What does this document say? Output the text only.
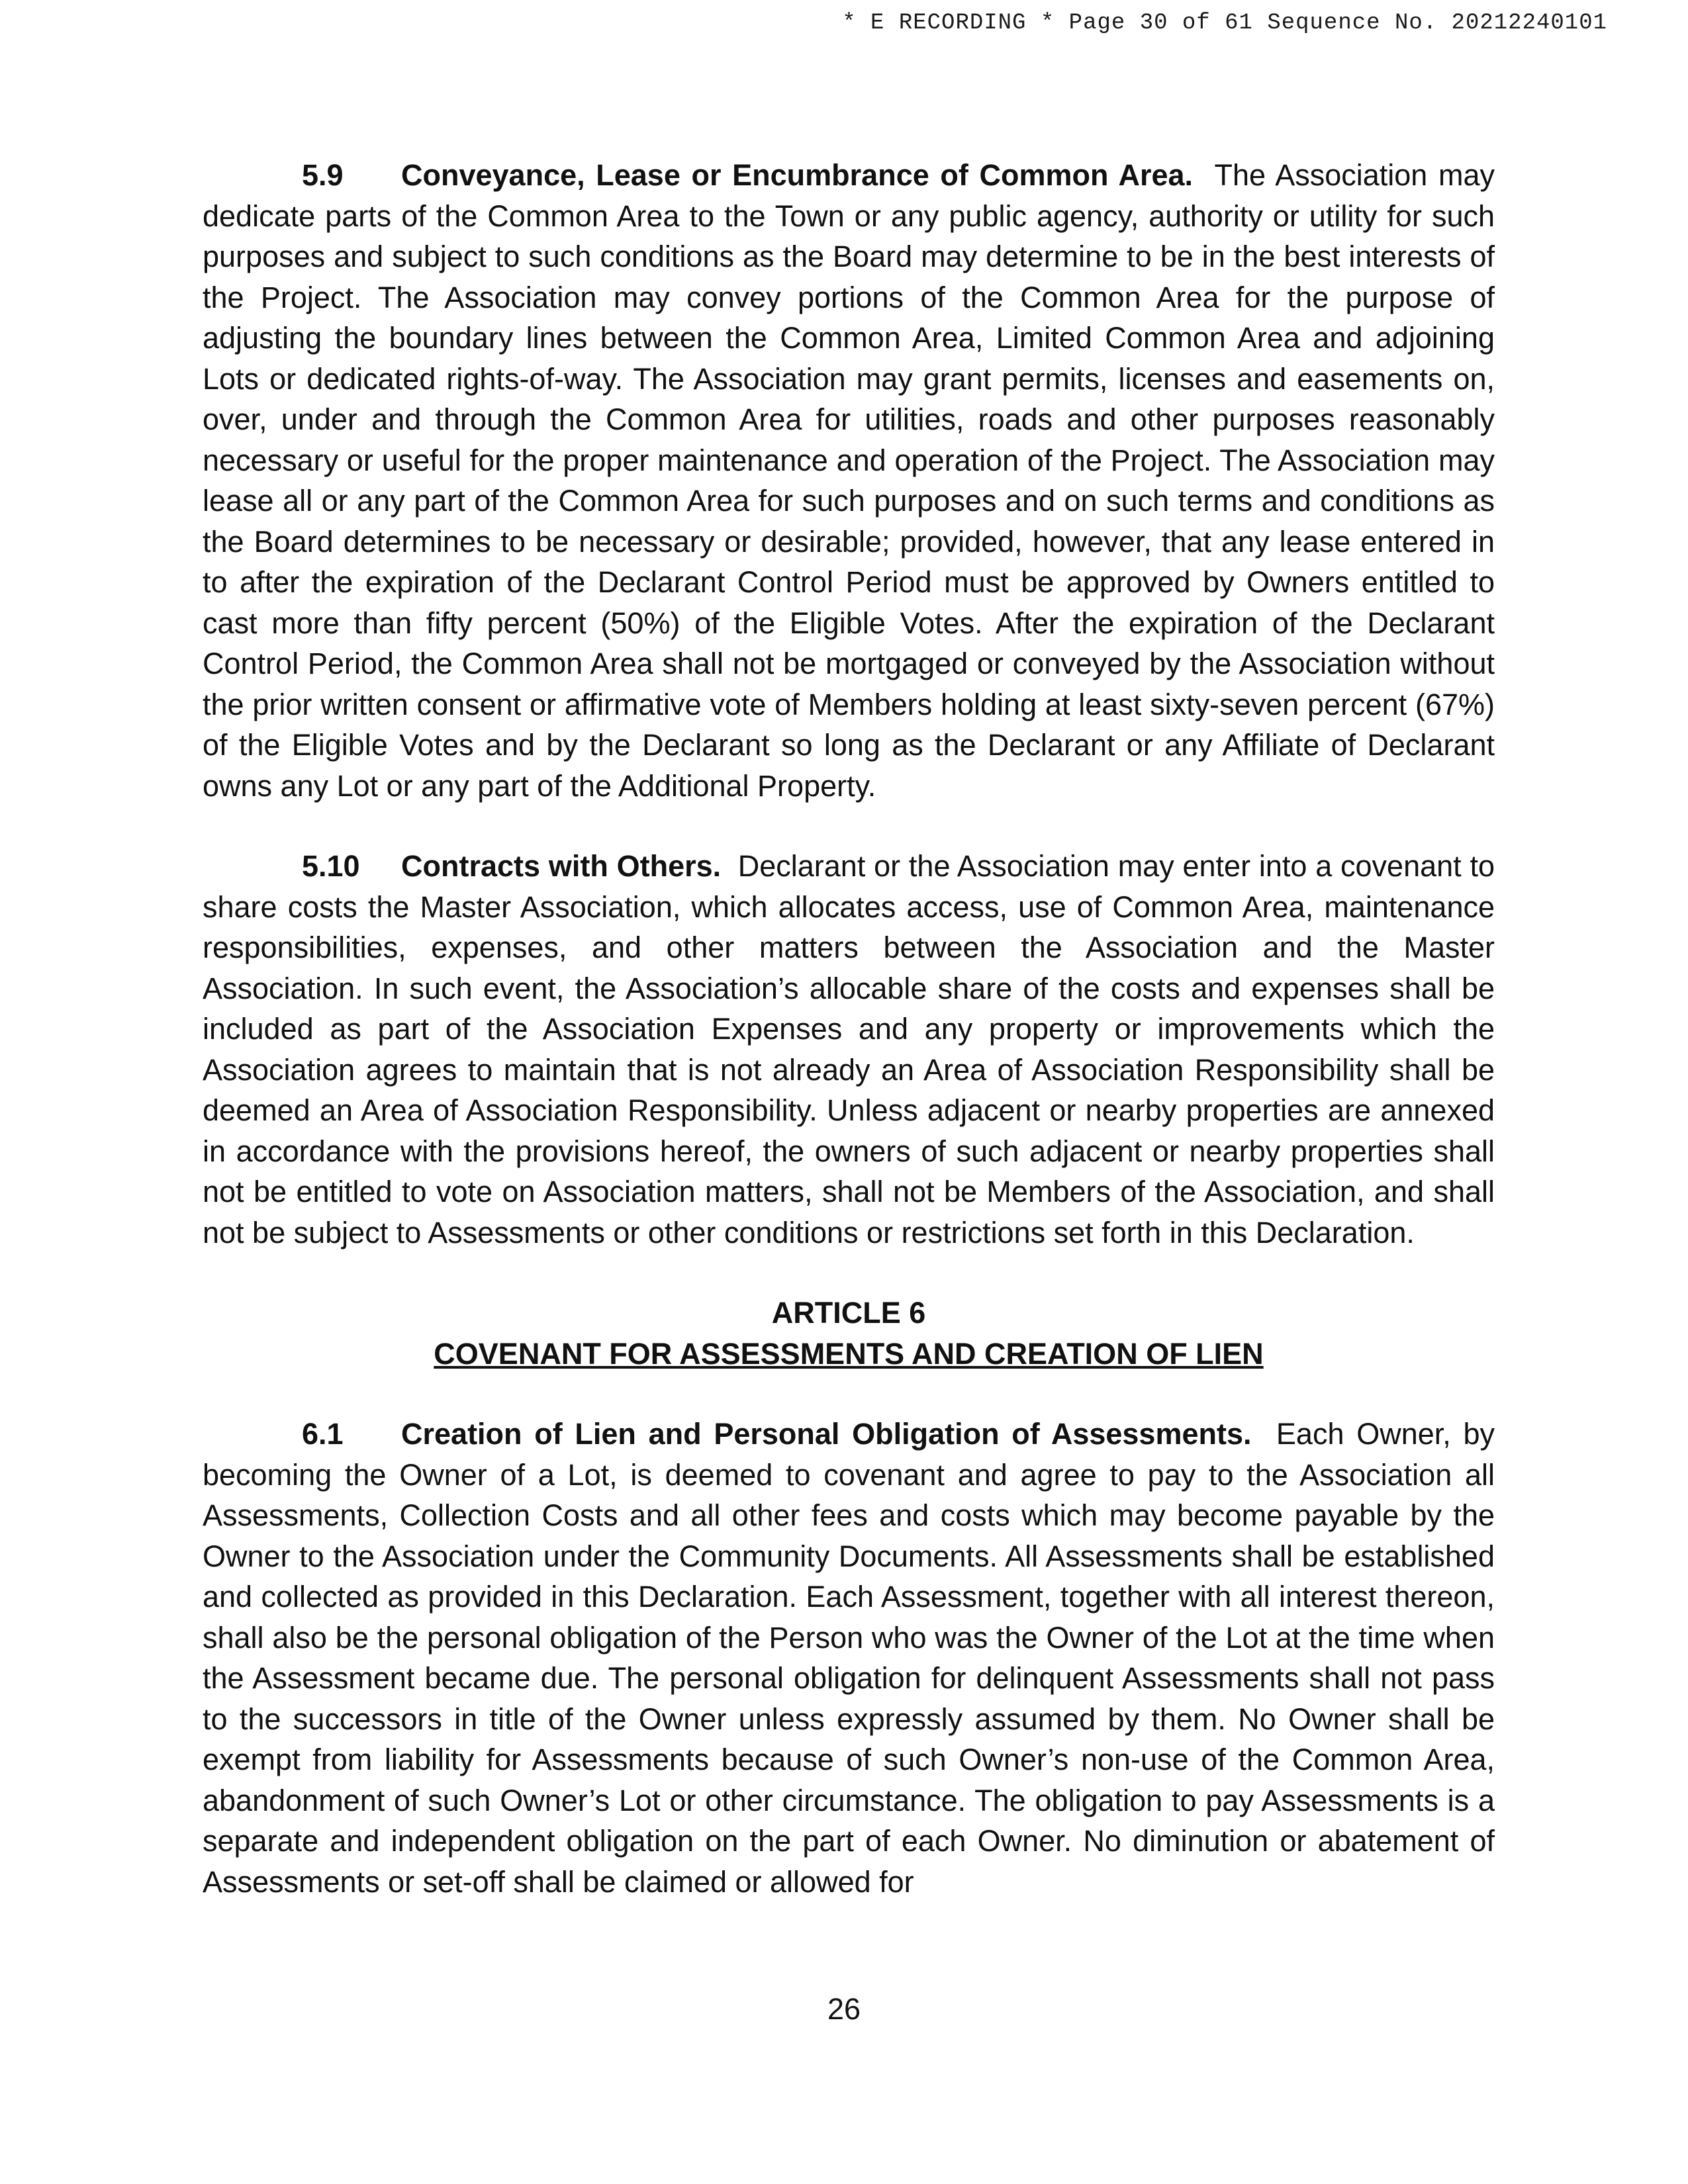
* E RECORDING * Page 30 of 61 Sequence No. 20212240101

5.9 Conveyance, Lease or Encumbrance of Common Area. The Association may dedicate parts of the Common Area to the Town or any public agency, authority or utility for such purposes and subject to such conditions as the Board may determine to be in the best interests of the Project. The Association may convey portions of the Common Area for the purpose of adjusting the boundary lines between the Common Area, Limited Common Area and adjoining Lots or dedicated rights-of-way. The Association may grant permits, licenses and easements on, over, under and through the Common Area for utilities, roads and other purposes reasonably necessary or useful for the proper maintenance and operation of the Project. The Association may lease all or any part of the Common Area for such purposes and on such terms and conditions as the Board determines to be necessary or desirable; provided, however, that any lease entered in to after the expiration of the Declarant Control Period must be approved by Owners entitled to cast more than fifty percent (50%) of the Eligible Votes. After the expiration of the Declarant Control Period, the Common Area shall not be mortgaged or conveyed by the Association without the prior written consent or affirmative vote of Members holding at least sixty-seven percent (67%) of the Eligible Votes and by the Declarant so long as the Declarant or any Affiliate of Declarant owns any Lot or any part of the Additional Property.

5.10 Contracts with Others. Declarant or the Association may enter into a covenant to share costs the Master Association, which allocates access, use of Common Area, maintenance responsibilities, expenses, and other matters between the Association and the Master Association. In such event, the Association’s allocable share of the costs and expenses shall be included as part of the Association Expenses and any property or improvements which the Association agrees to maintain that is not already an Area of Association Responsibility shall be deemed an Area of Association Responsibility. Unless adjacent or nearby properties are annexed in accordance with the provisions hereof, the owners of such adjacent or nearby properties shall not be entitled to vote on Association matters, shall not be Members of the Association, and shall not be subject to Assessments or other conditions or restrictions set forth in this Declaration.

ARTICLE 6
COVENANT FOR ASSESSMENTS AND CREATION OF LIEN

6.1 Creation of Lien and Personal Obligation of Assessments. Each Owner, by becoming the Owner of a Lot, is deemed to covenant and agree to pay to the Association all Assessments, Collection Costs and all other fees and costs which may become payable by the Owner to the Association under the Community Documents. All Assessments shall be established and collected as provided in this Declaration. Each Assessment, together with all interest thereon, shall also be the personal obligation of the Person who was the Owner of the Lot at the time when the Assessment became due. The personal obligation for delinquent Assessments shall not pass to the successors in title of the Owner unless expressly assumed by them. No Owner shall be exempt from liability for Assessments because of such Owner’s non-use of the Common Area, abandonment of such Owner’s Lot or other circumstance. The obligation to pay Assessments is a separate and independent obligation on the part of each Owner. No diminution or abatement of Assessments or set-off shall be claimed or allowed for

26
